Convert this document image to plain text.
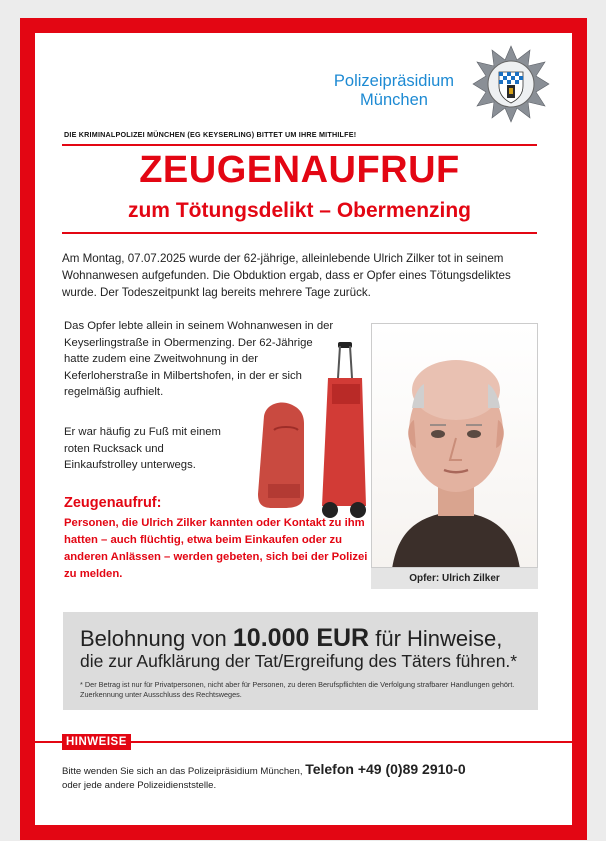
Polizeipräsidium
München
DIE KRIMINALPOLIZEI MÜNCHEN (EG KEYSERLING) BITTET UM IHRE MITHILFE!
ZEUGENAUFRUF
zum Tötungsdelikt – Obermenzing
Am Montag, 07.07.2025 wurde der 62-jährige, alleinlebende Ulrich Zilker tot in seinem Wohnanwesen aufgefunden. Die Obduktion ergab, dass er Opfer eines Tötungsdeliktes wurde. Der Todeszeitpunkt lag bereits mehrere Tage zurück.
Das Opfer lebte allein in seinem Wohnanwesen in der Keyserlingstraße in Obermenzing. Der 62-Jährige hatte zudem eine Zweitwohnung in der Keferloherstraße in Milbertshofen, in der er sich regelmäßig aufhielt.
Er war häufig zu Fuß mit einem roten Rucksack und Einkaufstrolley unterwegs.
Zeugenaufruf:
Personen, die Ulrich Zilker kannten oder Kontakt zu ihm hatten – auch flüchtig, etwa beim Einkaufen oder zu anderen Anlässen – werden gebeten, sich bei der Polizei zu melden.	Opfer: Ulrich Zilker
Belohnung von 10.000 EUR für Hinweise,
die zur Aufklärung der Tat/Ergreifung des Täters führen.*
* Der Betrag ist nur für Privatpersonen, nicht aber für Personen, zu deren Berufspflichten die Verfolgung strafbarer Handlungen gehört. Zuerkennung unter Ausschluss des Rechtsweges.
HINWEISE
Bitte wenden Sie sich an das Polizeipräsidium München, Telefon +49 (0)89 2910-0
oder jede andere Polizeidienststelle.
Herausgeber: Polizeipräsidium München, Ettstraße 2, 80333 München, Telefon: 089 / 2910 - 0 | Druck: Eigendruck im Selbstverlag
